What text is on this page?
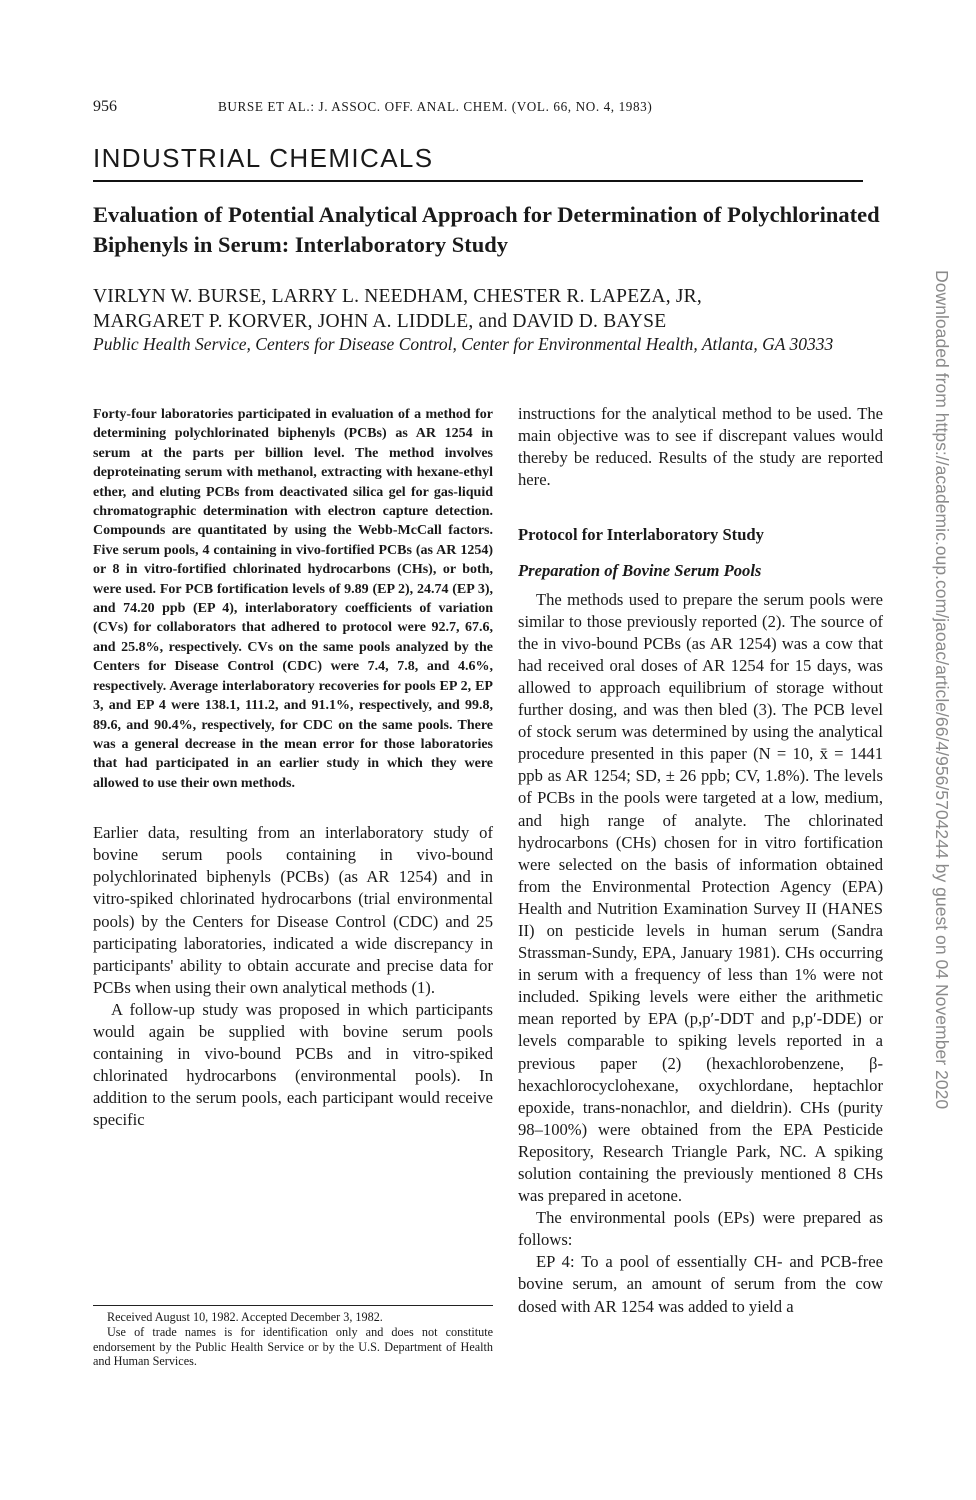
956	BURSE ET AL.: J. ASSOC. OFF. ANAL. CHEM. (VOL. 66, NO. 4, 1983)
INDUSTRIAL CHEMICALS
Evaluation of Potential Analytical Approach for Determination of Polychlorinated Biphenyls in Serum: Interlaboratory Study
VIRLYN W. BURSE, LARRY L. NEEDHAM, CHESTER R. LAPEZA, JR,
MARGARET P. KORVER, JOHN A. LIDDLE, and DAVID D. BAYSE
Public Health Service, Centers for Disease Control, Center for Environmental Health, Atlanta, GA 30333

Forty-four laboratories participated in evaluation of a method for determining polychlorinated biphenyls (PCBs) as AR 1254 in serum at the parts per billion level. The method involves deproteinating serum with methanol, extracting with hexane-ethyl ether, and eluting PCBs from deactivated silica gel for gas-liquid chromatographic determination with electron capture detection. Compounds are quantitated by using the Webb-McCall factors. Five serum pools, 4 containing in vivo-fortified PCBs (as AR 1254) or 8 in vitro-fortified chlorinated hydrocarbons (CHs), or both, were used. For PCB fortification levels of 9.89 (EP 2), 24.74 (EP 3), and 74.20 ppb (EP 4), interlaboratory coefficients of variation (CVs) for collaborators that adhered to protocol were 92.7, 67.6, and 25.8%, respectively. CVs on the same pools analyzed by the Centers for Disease Control (CDC) were 7.4, 7.8, and 4.6%, respectively. Average interlaboratory recoveries for pools EP 2, EP 3, and EP 4 were 138.1, 111.2, and 91.1%, respectively, and 99.8, 89.6, and 90.4%, respectively, for CDC on the same pools. There was a general decrease in the mean error for those laboratories that had participated in an earlier study in which they were allowed to use their own methods.

Earlier data, resulting from an interlaboratory study of bovine serum pools containing in vivo-bound polychlorinated biphenyls (PCBs) (as AR 1254) and in vitro-spiked chlorinated hydrocarbons (trial environmental pools) by the Centers for Disease Control (CDC) and 25 participating laboratories, indicated a wide discrepancy in participants' ability to obtain accurate and precise data for PCBs when using their own analytical methods (1).

A follow-up study was proposed in which participants would again be supplied with bovine serum pools containing in vivo-bound PCBs and in vitro-spiked chlorinated hydrocarbons (environmental pools). In addition to the serum pools, each participant would receive specific

instructions for the analytical method to be used. The main objective was to see if discrepant values would thereby be reduced. Results of the study are reported here.

Protocol for Interlaboratory Study

Preparation of Bovine Serum Pools

The methods used to prepare the serum pools were similar to those previously reported (2). The source of the in vivo-bound PCBs (as AR 1254) was a cow that had received oral doses of AR 1254 for 15 days, was allowed to approach equilibrium of storage without further dosing, and was then bled (3). The PCB level of stock serum was determined by using the analytical procedure presented in this paper (N = 10, x̄ = 1441 ppb as AR 1254; SD, ± 26 ppb; CV, 1.8%). The levels of PCBs in the pools were targeted at a low, medium, and high range of analyte. The chlorinated hydrocarbons (CHs) chosen for in vitro fortification were selected on the basis of information obtained from the Environmental Protection Agency (EPA) Health and Nutrition Examination Survey II (HANES II) on pesticide levels in human serum (Sandra Strassman-Sundy, EPA, January 1981). CHs occurring in serum with a frequency of less than 1% were not included. Spiking levels were either the arithmetic mean reported by EPA (p,p′-DDT and p,p′-DDE) or levels comparable to spiking levels reported in a previous paper (2) (hexachlorobenzene, β-hexachlorocyclohexane, oxychlordane, heptachlor epoxide, trans-nonachlor, and dieldrin). CHs (purity 98–100%) were obtained from the EPA Pesticide Repository, Research Triangle Park, NC. A spiking solution containing the previously mentioned 8 CHs was prepared in acetone.

The environmental pools (EPs) were prepared as follows:

EP 4: To a pool of essentially CH- and PCB-free bovine serum, an amount of serum from the cow dosed with AR 1254 was added to yield a

Received August 10, 1982. Accepted December 3, 1982.

Use of trade names is for identification only and does not constitute endorsement by the Public Health Service or by the U.S. Department of Health and Human Services.

Downloaded from https://academic.oup.com/jaoac/article/66/4/956/5704244 by guest on 04 November 2020
